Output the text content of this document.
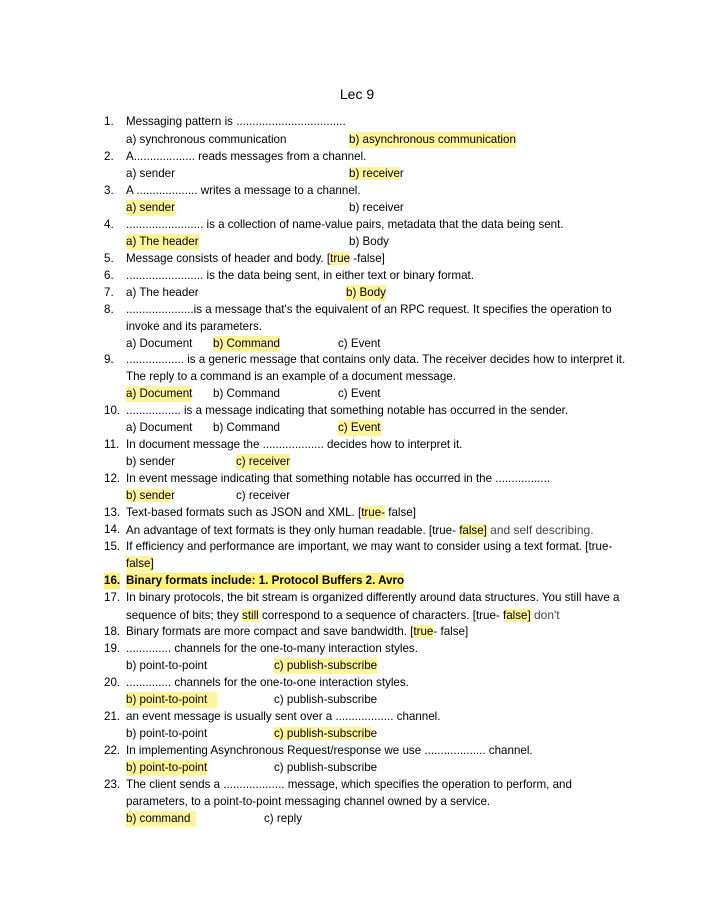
Lec 9
1. Messaging pattern is ..................................
a) synchronous communication	b) asynchronous communication
2. A................... reads messages from a channel.
a) sender	b) receiver
3. A ................... writes a message to a channel.
a) sender	b) receiver
4. ........................ is a collection of name-value pairs, metadata that the data being sent.
a) The header	b) Body
5. Message consists of header and body. [true -false]
6. ........................ is the data being sent, in either text or binary format.
7. a) The header	b) Body
8. .....................is a message that's the equivalent of an RPC request. It specifies the operation to
invoke and its parameters.
a) Document b) Command	c) Event
9. .................. is a generic message that contains only data. The receiver decides how to interpret it.
The reply to a command is an example of a document message.
a) Document b) Command	c) Event
10. ................. is a message indicating that something notable has occurred in the sender.
a) Document b) Command	c) Event
11. In document message the ................... decides how to interpret it.
b) sender	c) receiver
12. In event message indicating that something notable has occurred in the .................
b) sender	c) receiver
13. Text-based formats such as JSON and XML. [true- false]
14. An advantage of text formats is they only human readable. [true- false] and self describing.
15. If efficiency and performance are important, we may want to consider using a text format. [true-
false]
16. Binary formats include: 1. Protocol Buffers 2. Avro
17. In binary protocols, the bit stream is organized differently around data structures. You still have a
sequence of bits; they still correspond to a sequence of characters. [true- false] don't
18. Binary formats are more compact and save bandwidth. [true- false]
19. .............. channels for the one-to-many interaction styles.
b) point-to-point	c) publish-subscribe
20. .............. channels for the one-to-one interaction styles.
b) point-to-point	c) publish-subscribe
21. an event message is usually sent over a .................. channel.
b) point-to-point	c) publish-subscribe
22. In implementing Asynchronous Request/response we use ................... channel.
b) point-to-point	c) publish-subscribe
23. The client sends a ................... message, which specifies the operation to perform, and
parameters, to a point-to-point messaging channel owned by a service.
b) command	c) reply
